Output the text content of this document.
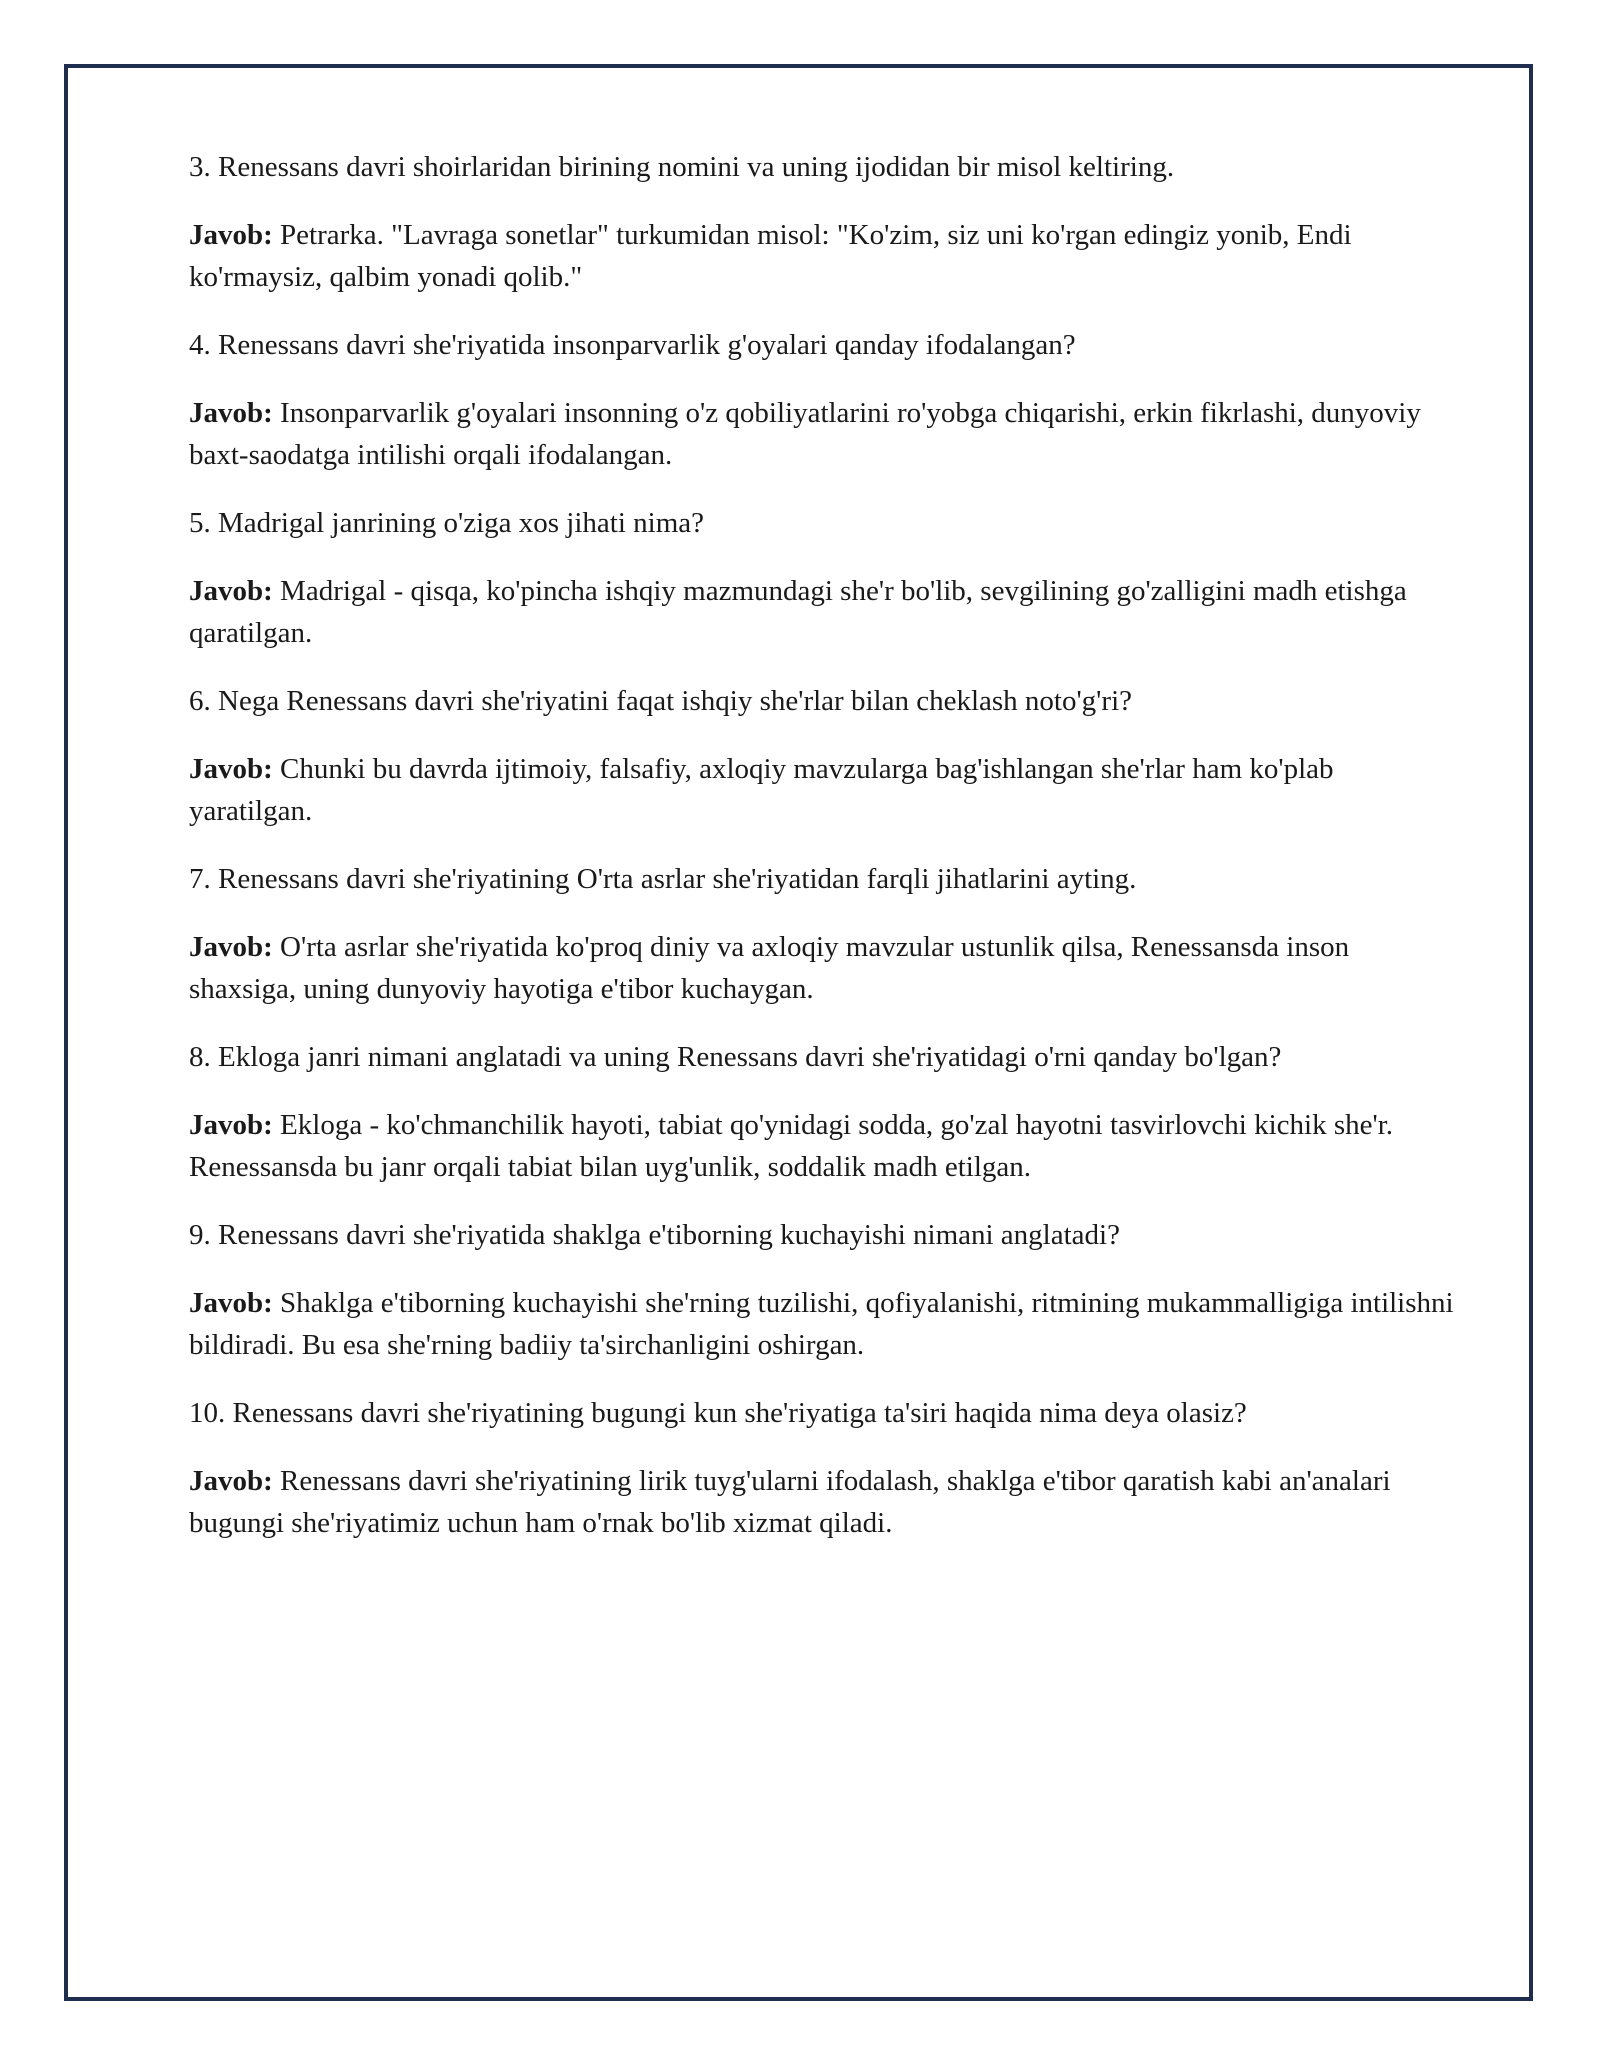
3. Renessans davri shoirlaridan birining nomini va uning ijodidan bir misol keltiring.

Javob: Petrarka. "Lavraga sonetlar" turkumidan misol: "Ko'zim, siz uni ko'rgan edingiz yonib, Endi ko'rmaysiz, qalbim yonadi qolib."

4. Renessans davri she'riyatida insonparvarlik g'oyalari qanday ifodalangan?

Javob: Insonparvarlik g'oyalari insonning o'z qobiliyatlarini ro'yobga chiqarishi, erkin fikrlashi, dunyoviy baxt-saodatga intilishi orqali ifodalangan.

5. Madrigal janrining o'ziga xos jihati nima?

Javob: Madrigal - qisqa, ko'pincha ishqiy mazmundagi she'r bo'lib, sevgilining go'zalligini madh etishga qaratilgan.

6. Nega Renessans davri she'riyatini faqat ishqiy she'rlar bilan cheklash noto'g'ri?

Javob: Chunki bu davrda ijtimoiy, falsafiy, axloqiy mavzularga bag'ishlangan she'rlar ham ko'plab yaratilgan.

7. Renessans davri she'riyatining O'rta asrlar she'riyatidan farqli jihatlarini ayting.

Javob: O'rta asrlar she'riyatida ko'proq diniy va axloqiy mavzular ustunlik qilsa, Renessansda inson shaxsiga, uning dunyoviy hayotiga e'tibor kuchaygan.

8. Ekloga janri nimani anglatadi va uning Renessans davri she'riyatidagi o'rni qanday bo'lgan?

Javob: Ekloga - ko'chmanchilik hayoti, tabiat qo'ynidagi sodda, go'zal hayotni tasvirlovchi kichik she'r. Renessansda bu janr orqali tabiat bilan uyg'unlik, soddalik madh etilgan.

9. Renessans davri she'riyatida shaklga e'tiborning kuchayishi nimani anglatadi?

Javob: Shaklga e'tiborning kuchayishi she'rning tuzilishi, qofiyalanishi, ritmining mukammalligiga intilishni bildiradi. Bu esa she'rning badiiy ta'sirchanligini oshirgan.

10. Renessans davri she'riyatining bugungi kun she'riyatiga ta'siri haqida nima deya olasiz?

Javob: Renessans davri she'riyatining lirik tuyg'ularni ifodalash, shaklga e'tibor qaratish kabi an'analari bugungi she'riyatimiz uchun ham o'rnak bo'lib xizmat qiladi.
